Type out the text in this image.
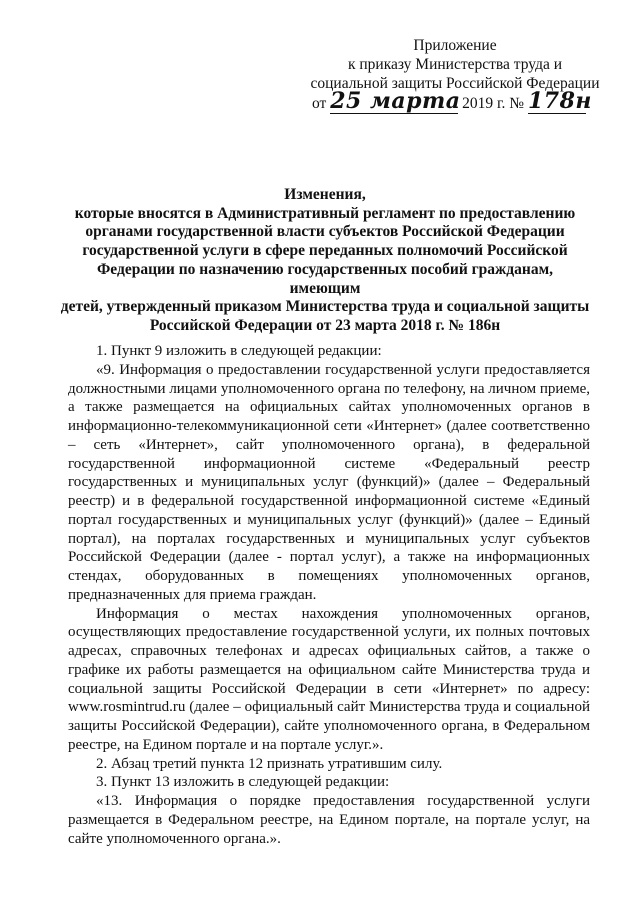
Приложение
к приказу Министерства труда и
социальной защиты Российской Федерации
от 25 марта 2019 г. № 178н
Изменения,
которые вносятся в Административный регламент по предоставлению
органами государственной власти субъектов Российской Федерации
государственной услуги в сфере переданных полномочий Российской
Федерации по назначению государственных пособий гражданам, имеющим
детей, утвержденный приказом Министерства труда и социальной защиты
Российской Федерации от 23 марта 2018 г. № 186н

1. Пункт 9 изложить в следующей редакции:

«9. Информация о предоставлении государственной услуги предоставляется должностными лицами уполномоченного органа по телефону, на личном приеме, а также размещается на официальных сайтах уполномоченных органов в информационно-телекоммуникационной сети «Интернет» (далее соответственно – сеть «Интернет», сайт уполномоченного органа), в федеральной государственной информационной системе «Федеральный реестр государственных и муниципальных услуг (функций)» (далее – Федеральный реестр) и в федеральной государственной информационной системе «Единый портал государственных и муниципальных услуг (функций)» (далее – Единый портал), на порталах государственных и муниципальных услуг субъектов Российской Федерации (далее - портал услуг), а также на информационных стендах, оборудованных в помещениях уполномоченных органов, предназначенных для приема граждан.

Информация о местах нахождения уполномоченных органов, осуществляющих предоставление государственной услуги, их полных почтовых адресах, справочных телефонах и адресах официальных сайтов, а также о графике их работы размещается на официальном сайте Министерства труда и социальной защиты Российской Федерации в сети «Интернет» по адресу: www.rosmintrud.ru (далее – официальный сайт Министерства труда и социальной защиты Российской Федерации), сайте уполномоченного органа, в Федеральном реестре, на Едином портале и на портале услуг.».

2. Абзац третий пункта 12 признать утратившим силу.

3. Пункт 13 изложить в следующей редакции:

«13. Информация о порядке предоставления государственной услуги размещается в Федеральном реестре, на Едином портале, на портале услуг, на сайте уполномоченного органа.».
